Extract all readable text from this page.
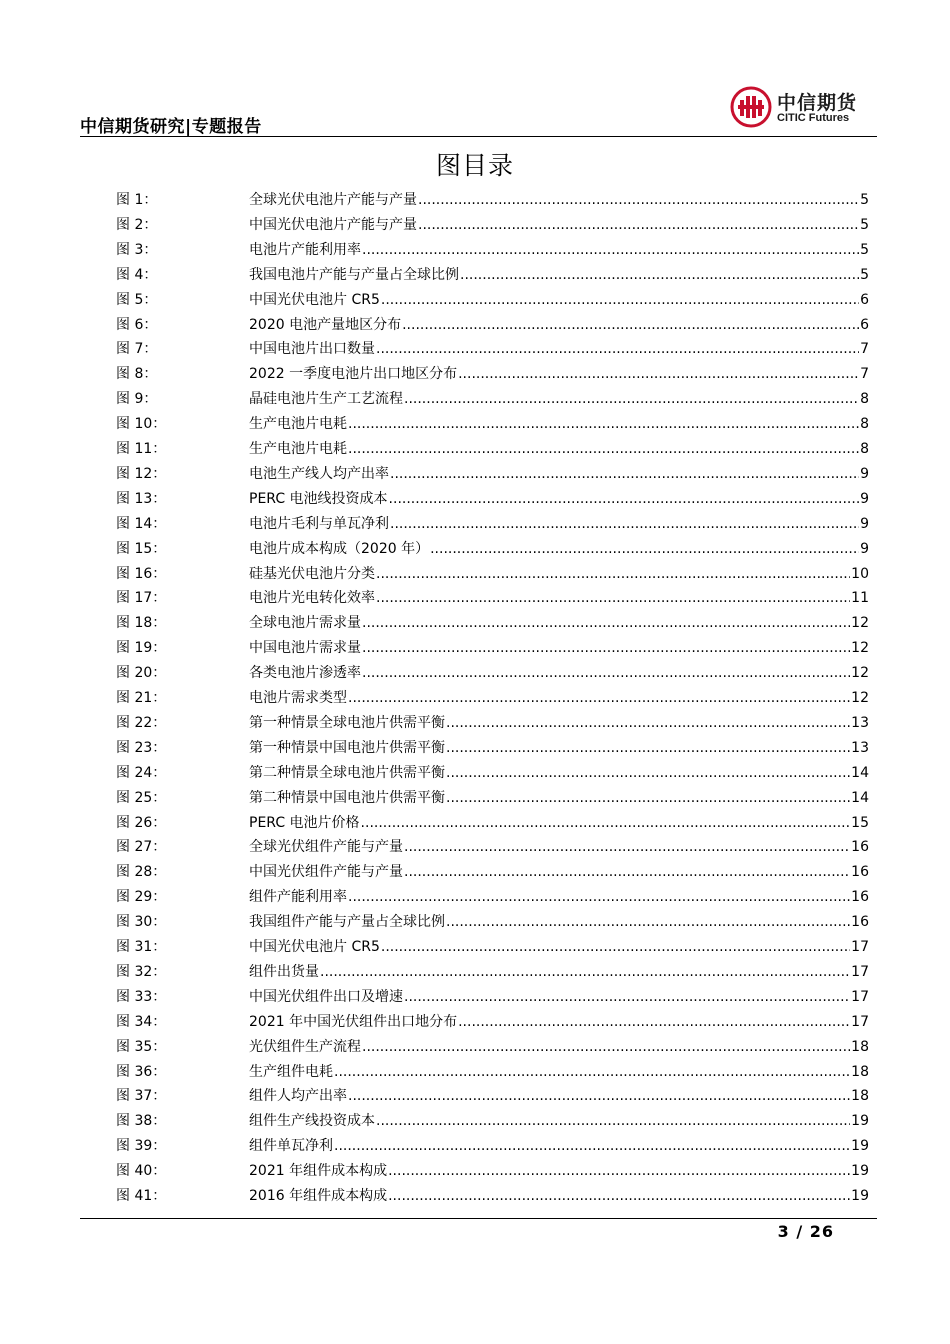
中信期货研究|专题报告
中信期货
CITIC Futures
图目录
图 1：	全球光伏电池片产能与产量 .....	5
图 2：	中国光伏电池片产能与产量 .....	5
图 3：	电池片产能利用率 .....	5
图 4：	我国电池片产能与产量占全球比例 .....	5
图 5：	中国光伏电池片 CR5 .....	6
图 6：	2020 电池产量地区分布 .....	6
图 7：	中国电池片出口数量 .....	7
图 8：	2022 一季度电池片出口地区分布 .....	7
图 9：	晶硅电池片生产工艺流程 .....	8
图 10：	生产电池片电耗 .....	8
图 11：	生产电池片电耗 .....	8
图 12：	电池生产线人均产出率 .....	9
图 13：	PERC 电池线投资成本 .....	9
图 14：	电池片毛利与单瓦净利 .....	9
图 15：	电池片成本构成（2020 年） .....	9
图 16：	硅基光伏电池片分类 .....	10
图 17：	电池片光电转化效率 .....	11
图 18：	全球电池片需求量 .....	12
图 19：	中国电池片需求量 .....	12
图 20：	各类电池片渗透率 .....	12
图 21：	电池片需求类型 .....	12
图 22：	第一种情景全球电池片供需平衡 .....	13
图 23：	第一种情景中国电池片供需平衡 .....	13
图 24：	第二种情景全球电池片供需平衡 .....	14
图 25：	第二种情景中国电池片供需平衡 .....	14
图 26：	PERC 电池片价格 .....	15
图 27：	全球光伏组件产能与产量 .....	16
图 28：	中国光伏组件产能与产量 .....	16
图 29：	组件产能利用率 .....	16
图 30：	我国组件产能与产量占全球比例 .....	16
图 31：	中国光伏电池片 CR5 .....	17
图 32：	组件出货量 .....	17
图 33：	中国光伏组件出口及增速 .....	17
图 34：	2021 年中国光伏组件出口地分布 .....	17
图 35：	光伏组件生产流程 .....	18
图 36：	生产组件电耗 .....	18
图 37：	组件人均产出率 .....	18
图 38：	组件生产线投资成本 .....	19
图 39：	组件单瓦净利 .....	19
图 40：	2021 年组件成本构成 .....	19
图 41：	2016 年组件成本构成 .....	19
3 / 26
